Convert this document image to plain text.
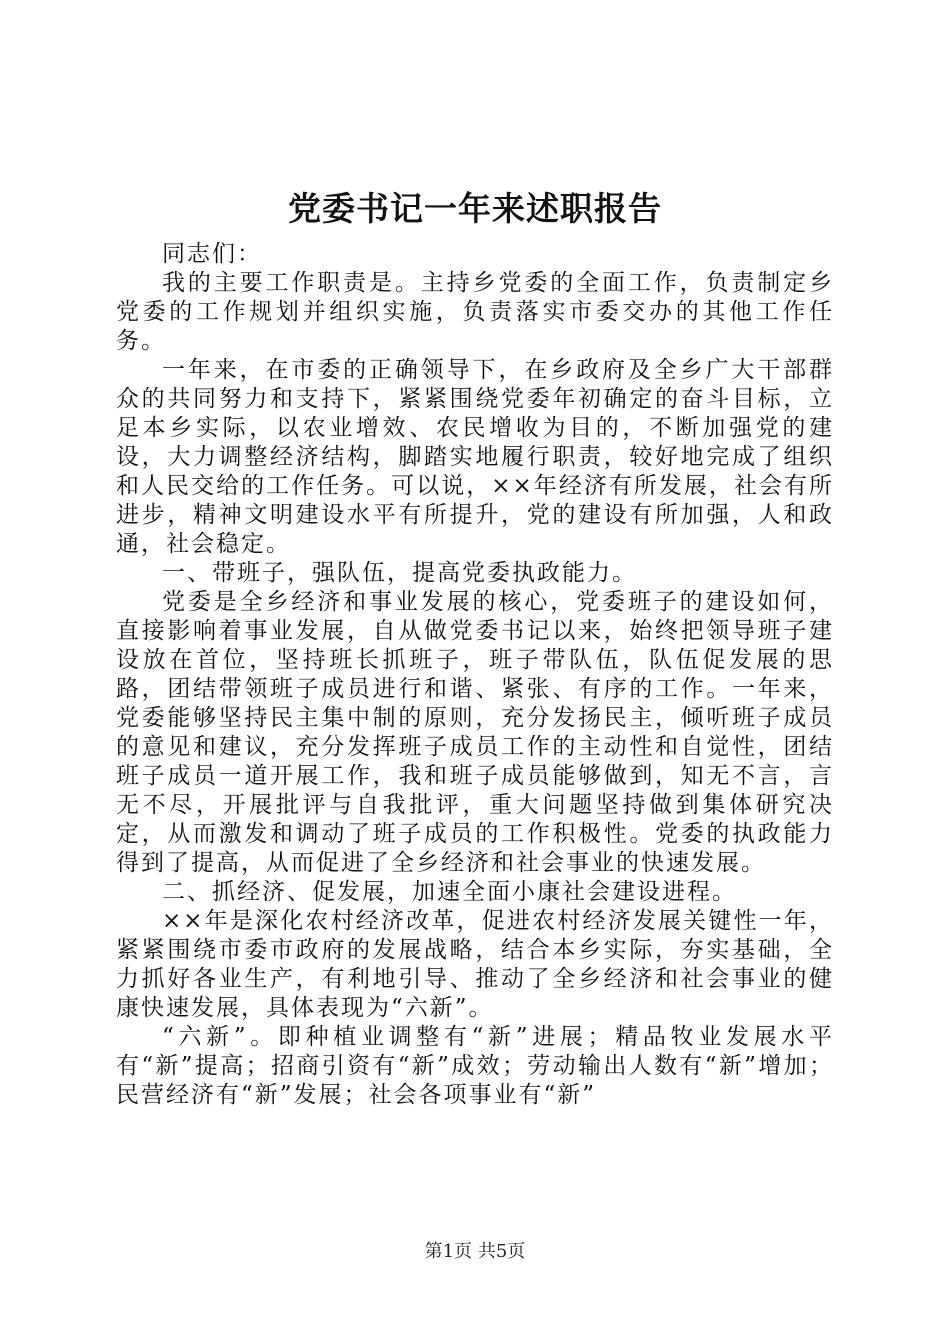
党委书记一年来述职报告

同志们：

我的主要工作职责是。主持乡党委的全面工作，负责制定乡党委的工作规划并组织实施，负责落实市委交办的其他工作任务。

一年来，在市委的正确领导下，在乡政府及全乡广大干部群众的共同努力和支持下，紧紧围绕党委年初确定的奋斗目标，立足本乡实际，以农业增效、农民增收为目的，不断加强党的建设，大力调整经济结构，脚踏实地履行职责，较好地完成了组织和人民交给的工作任务。可以说，××年经济有所发展，社会有所进步，精神文明建设水平有所提升，党的建设有所加强，人和政通，社会稳定。

一、带班子，强队伍，提高党委执政能力。

党委是全乡经济和事业发展的核心，党委班子的建设如何，直接影响着事业发展，自从做党委书记以来，始终把领导班子建设放在首位，坚持班长抓班子，班子带队伍，队伍促发展的思路，团结带领班子成员进行和谐、紧张、有序的工作。一年来，党委能够坚持民主集中制的原则，充分发扬民主，倾听班子成员的意见和建议，充分发挥班子成员工作的主动性和自觉性，团结班子成员一道开展工作，我和班子成员能够做到，知无不言，言无不尽，开展批评与自我批评，重大问题坚持做到集体研究决定，从而激发和调动了班子成员的工作积极性。党委的执政能力得到了提高，从而促进了全乡经济和社会事业的快速发展。

二、抓经济、促发展，加速全面小康社会建设进程。

××年是深化农村经济改革，促进农村经济发展关键性一年，紧紧围绕市委市政府的发展战略，结合本乡实际，夯实基础，全力抓好各业生产，有利地引导、推动了全乡经济和社会事业的健康快速发展，具体表现为“六新”。

“六新”。即种植业调整有“新”进展；精品牧业发展水平有“新”提高；招商引资有“新”成效；劳动输出人数有“新”增加；民营经济有“新”发展；社会各项事业有“新”

第1页 共5页
